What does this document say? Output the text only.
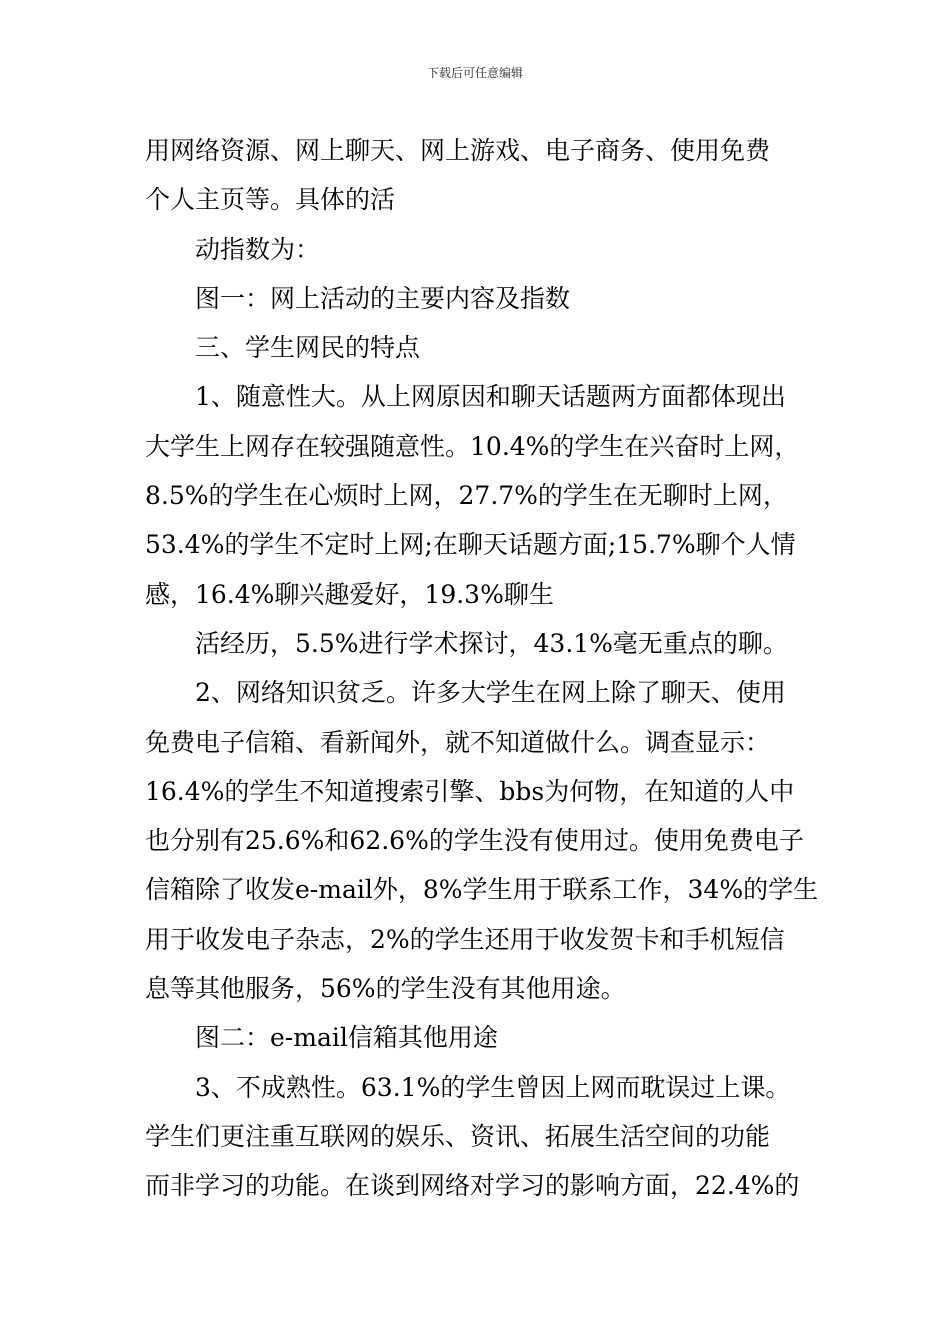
下载后可任意编辑
用网络资源、网上聊天、网上游戏、电子商务、使用免费
个人主页等。具体的活
动指数为：
图一：网上活动的主要内容及指数
三、学生网民的特点
1、随意性大。从上网原因和聊天话题两方面都体现出
大学生上网存在较强随意性。10.4%的学生在兴奋时上网，
8.5%的学生在心烦时上网，27.7%的学生在无聊时上网，
53.4%的学生不定时上网;在聊天话题方面;15.7%聊个人情
感，16.4%聊兴趣爱好，19.3%聊生
活经历，5.5%进行学术探讨，43.1%毫无重点的聊。
2、网络知识贫乏。许多大学生在网上除了聊天、使用
免费电子信箱、看新闻外，就不知道做什么。调查显示：
16.4%的学生不知道搜索引擎、bbs为何物，在知道的人中
也分别有25.6%和62.6%的学生没有使用过。使用免费电子
信箱除了收发e-mail外，8%学生用于联系工作，34%的学生
用于收发电子杂志，2%的学生还用于收发贺卡和手机短信
息等其他服务，56%的学生没有其他用途。
图二：e-mail信箱其他用途
3、不成熟性。63.1%的学生曾因上网而耽误过上课。
学生们更注重互联网的娱乐、资讯、拓展生活空间的功能
而非学习的功能。在谈到网络对学习的影响方面，22.4%的
